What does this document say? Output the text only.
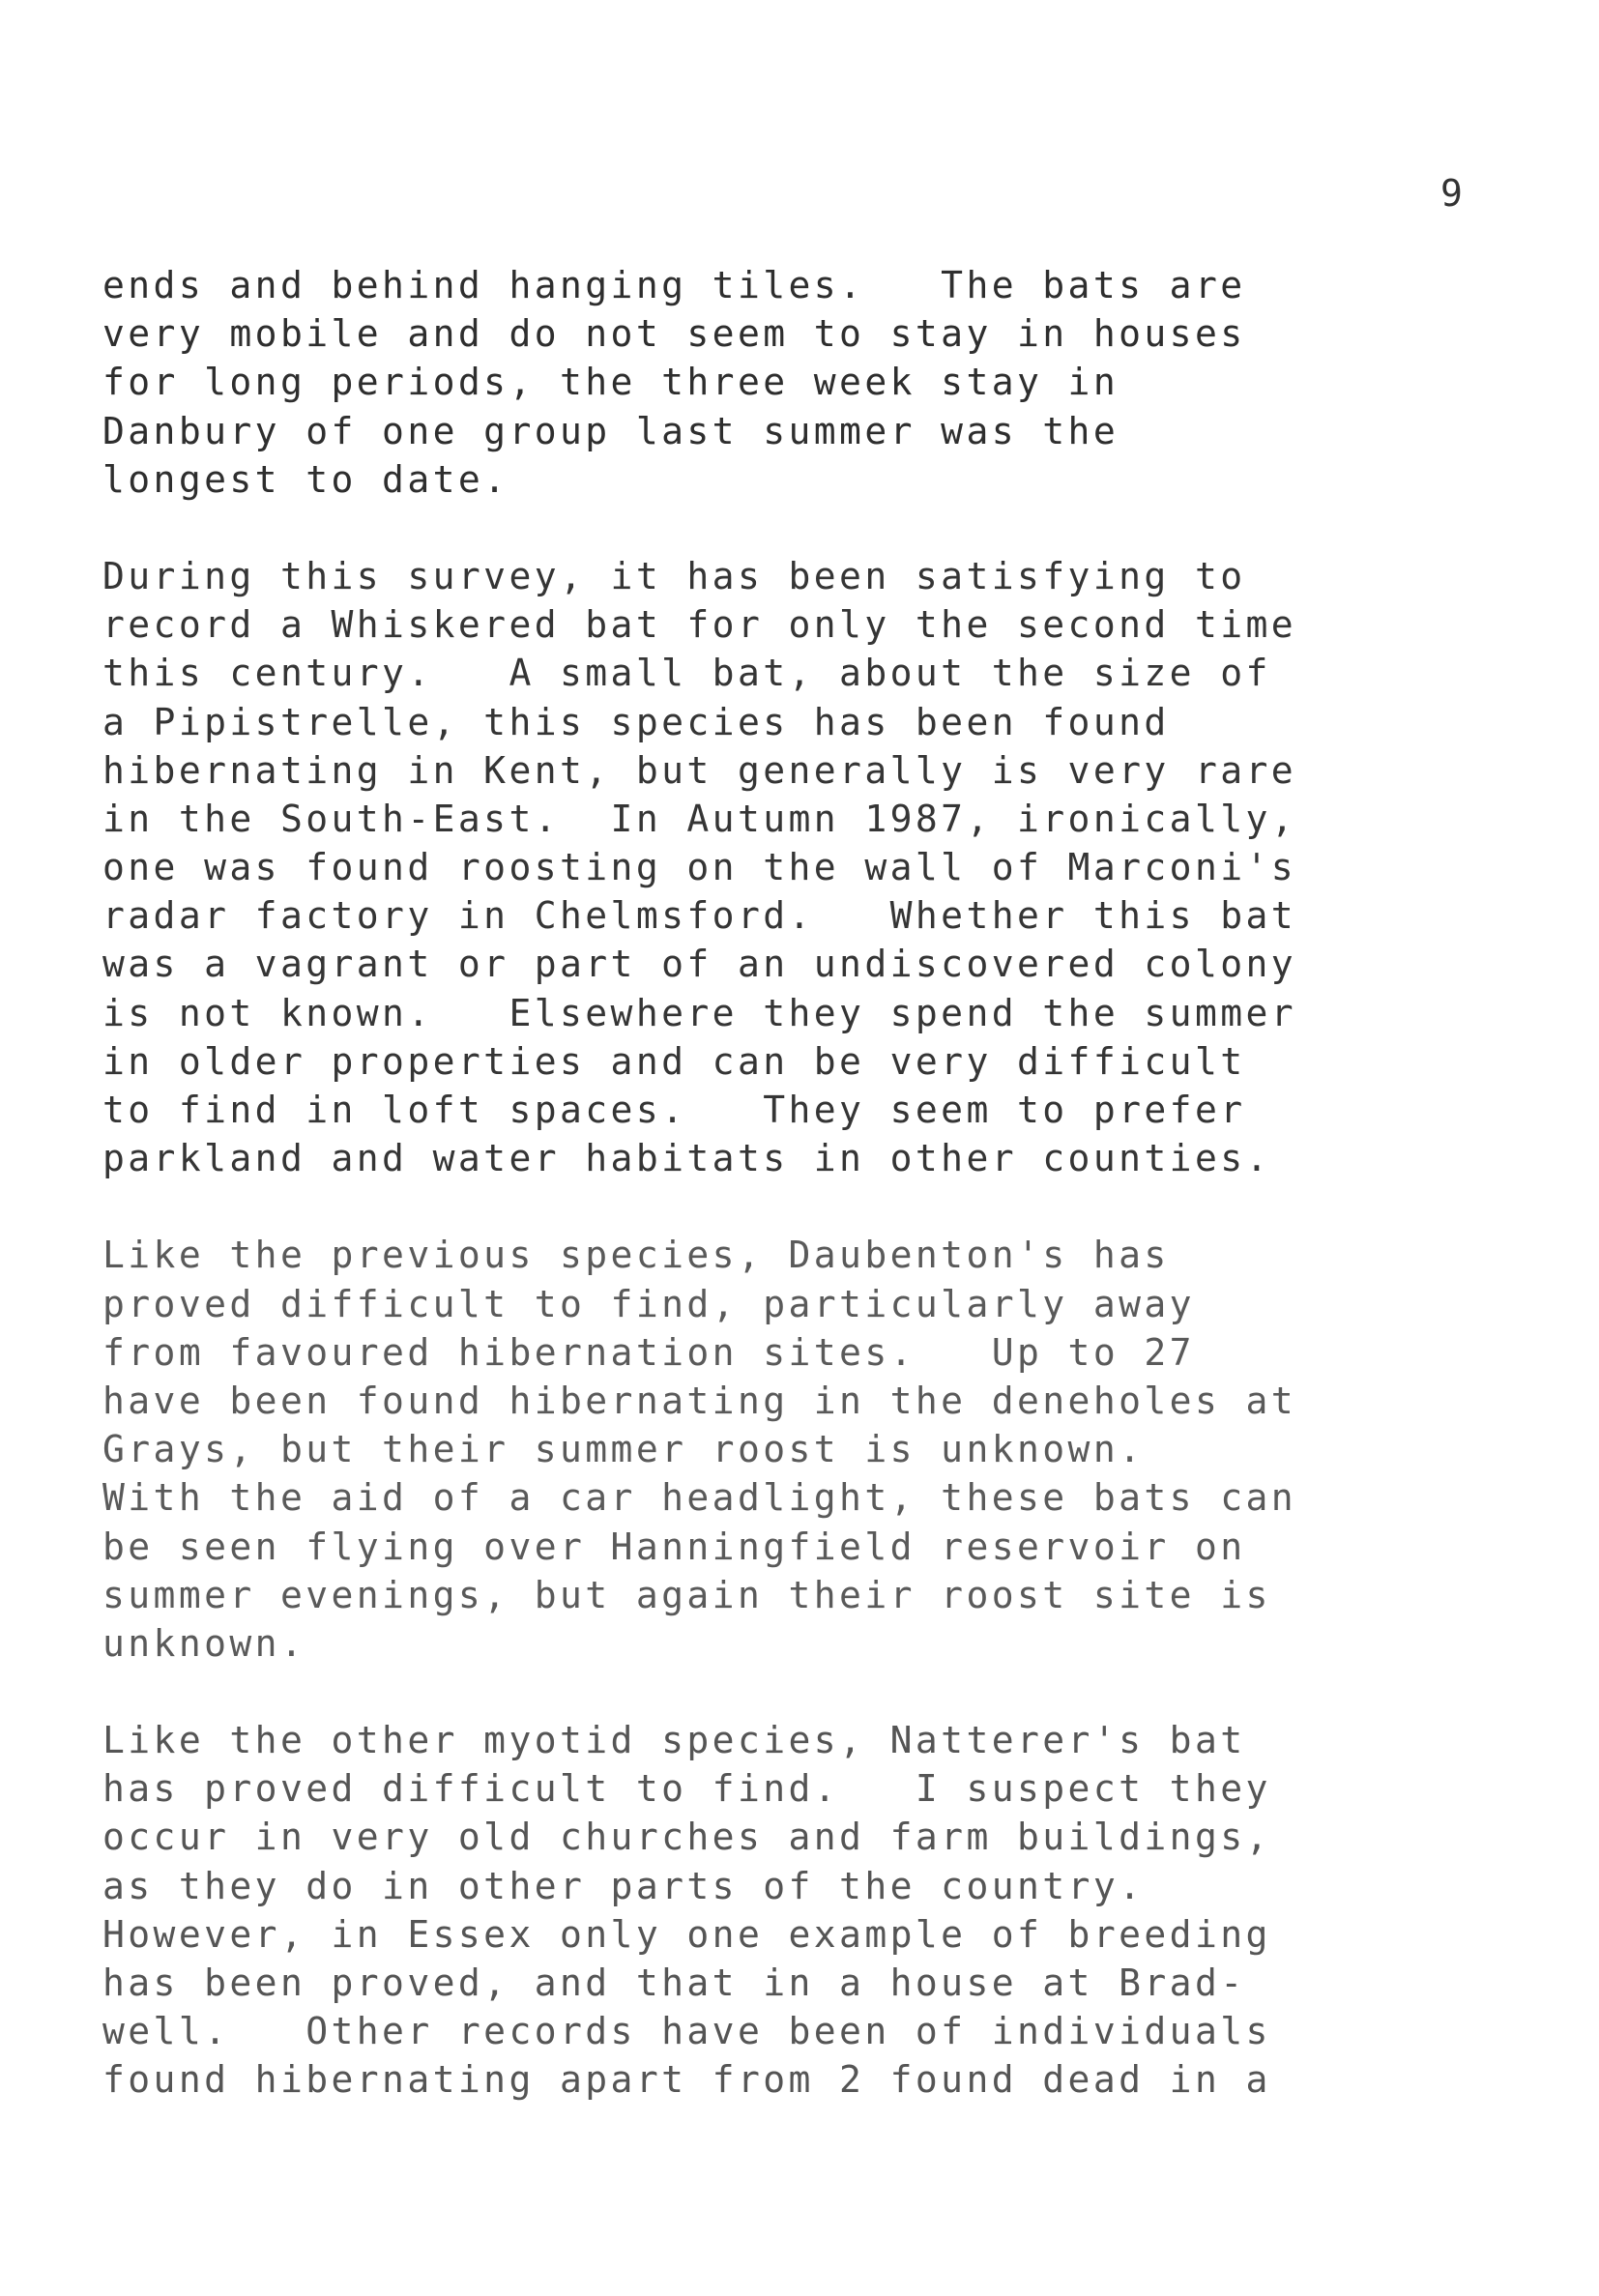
9
ends and behind hanging tiles.   The bats are
very mobile and do not seem to stay in houses
for long periods, the three week stay in
Danbury of one group last summer was the
longest to date.
During this survey, it has been satisfying to
record a Whiskered bat for only the second time
this century.   A small bat, about the size of
a Pipistrelle, this species has been found
hibernating in Kent, but generally is very rare
in the South-East.  In Autumn 1987, ironically,
one was found roosting on the wall of Marconi's
radar factory in Chelmsford.   Whether this bat
was a vagrant or part of an undiscovered colony
is not known.   Elsewhere they spend the summer
in older properties and can be very difficult
to find in loft spaces.   They seem to prefer
parkland and water habitats in other counties.
Like the previous species, Daubenton's has
proved difficult to find, particularly away
from favoured hibernation sites.   Up to 27
have been found hibernating in the deneholes at
Grays, but their summer roost is unknown.
With the aid of a car headlight, these bats can
be seen flying over Hanningfield reservoir on
summer evenings, but again their roost site is
unknown.
Like the other myotid species, Natterer's bat
has proved difficult to find.   I suspect they
occur in very old churches and farm buildings,
as they do in other parts of the country.
However, in Essex only one example of breeding
has been proved, and that in a house at Brad-
well.   Other records have been of individuals
found hibernating apart from 2 found dead in a
